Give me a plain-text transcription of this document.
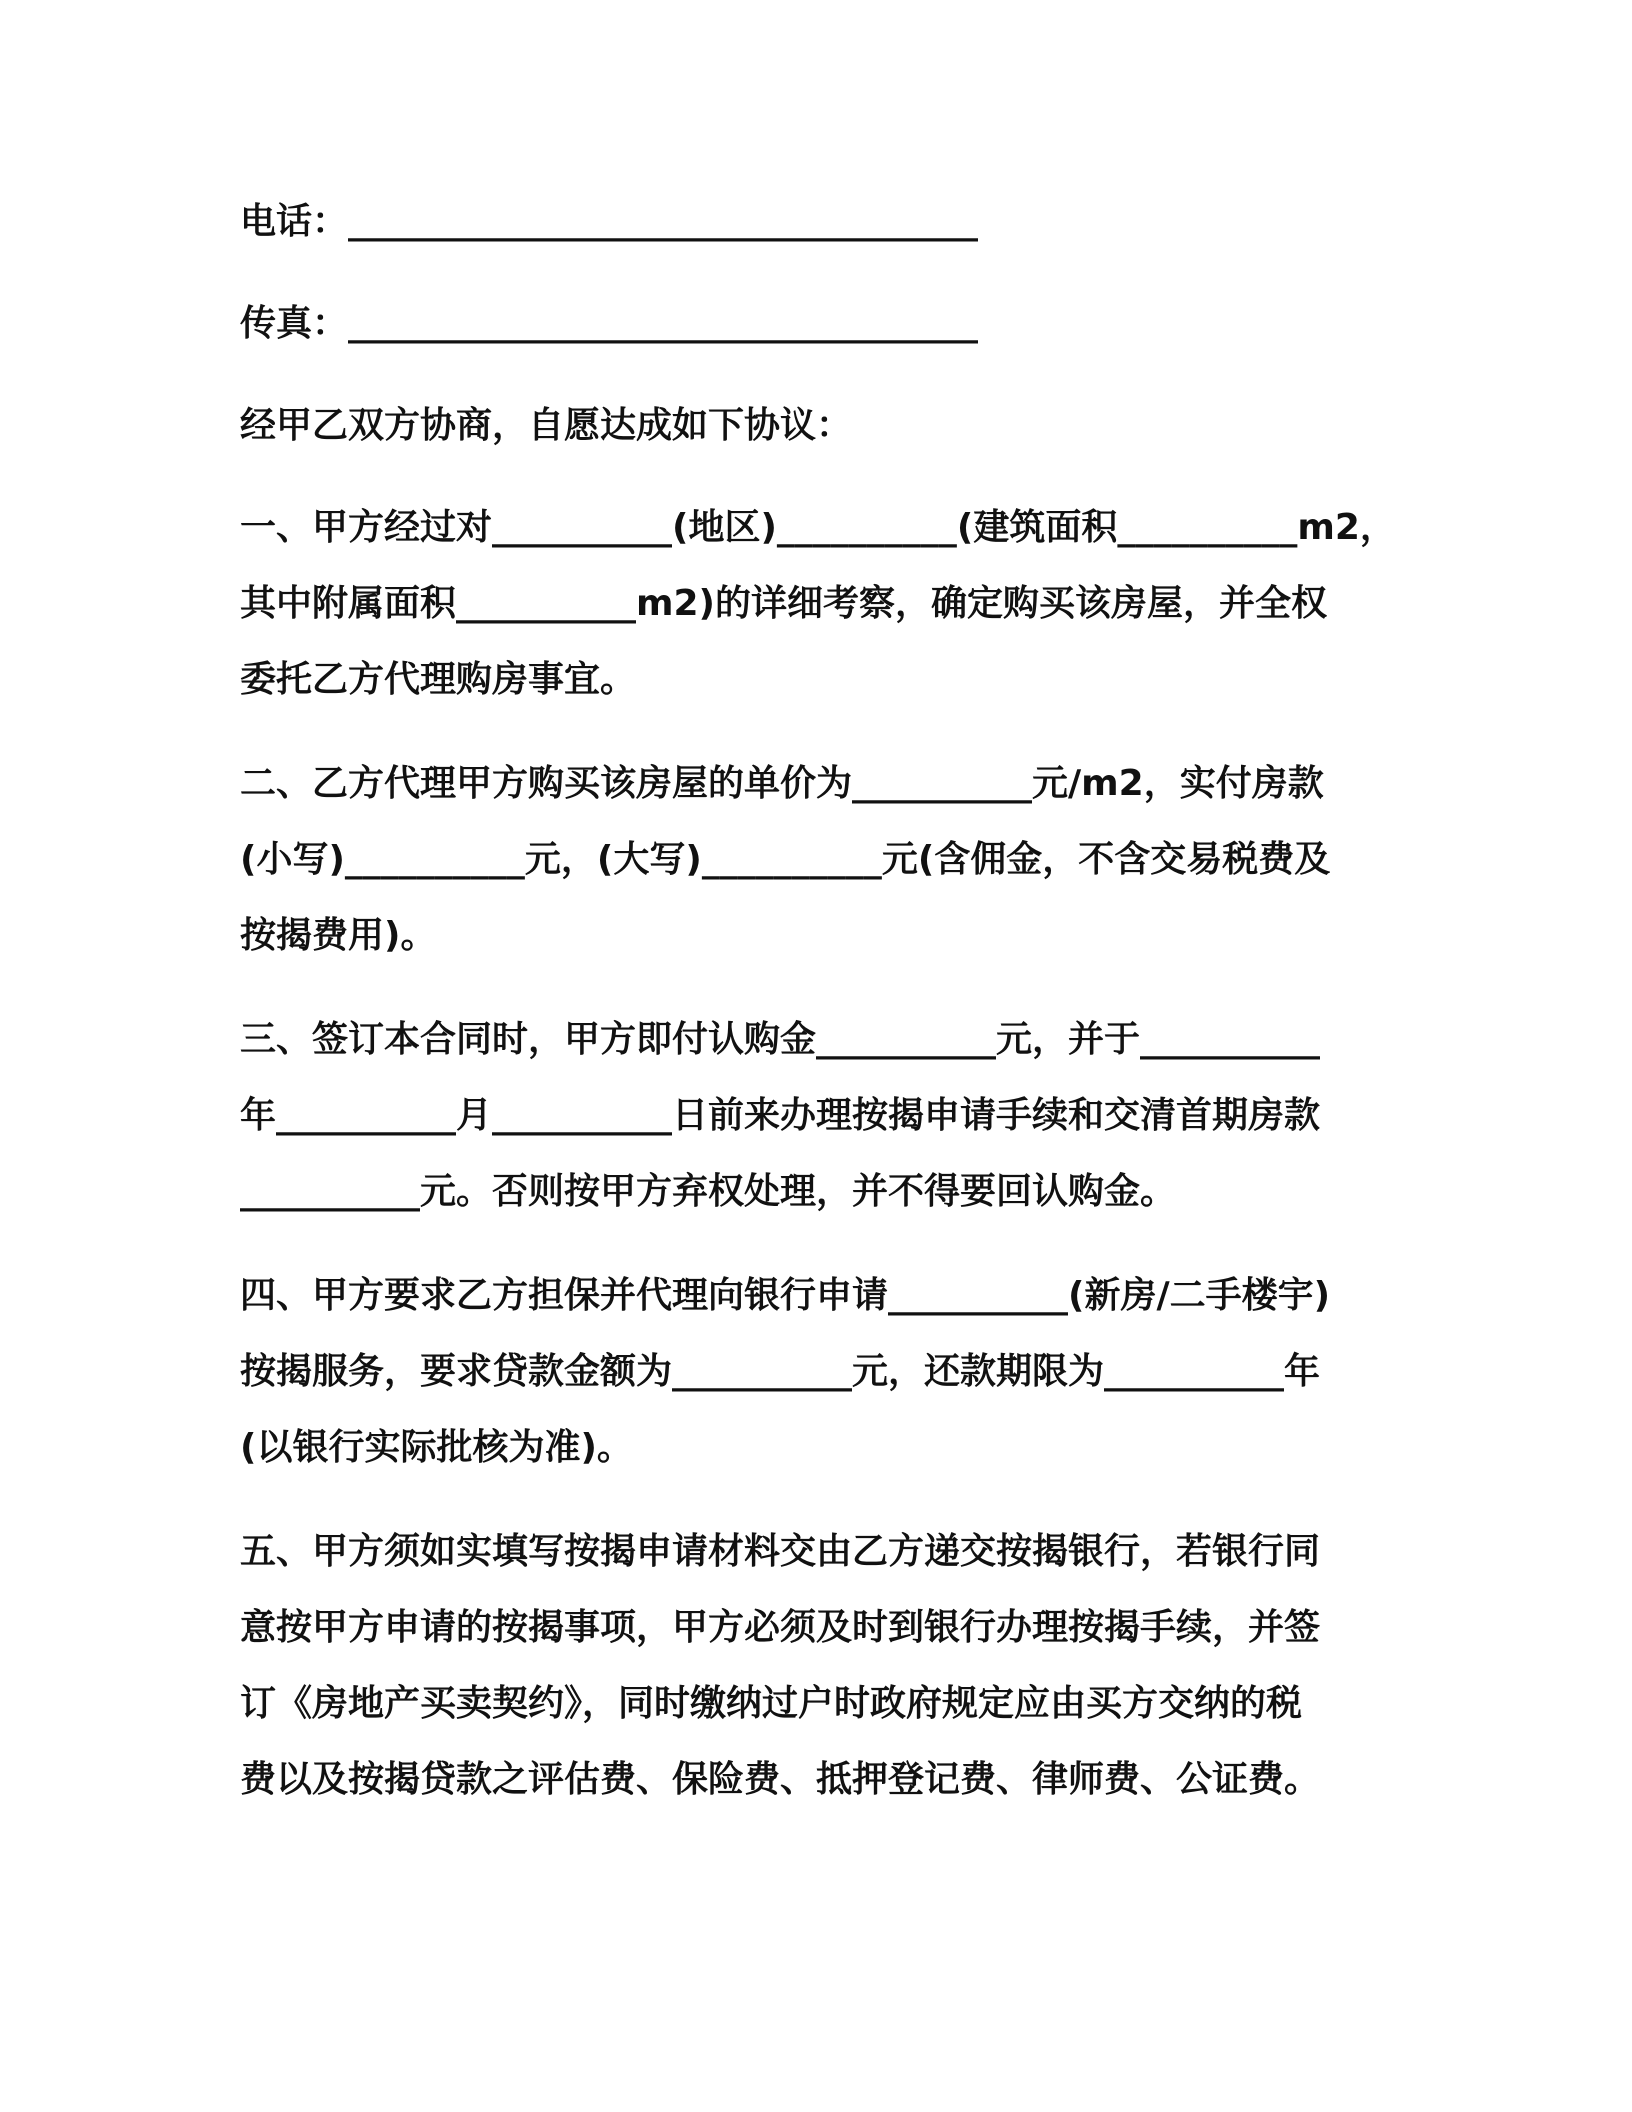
电话：___________________________________
传真：___________________________________
经甲乙双方协商，自愿达成如下协议：
一、甲方经过对__________(地区)__________(建筑面积__________m2，
其中附属面积__________m2)的详细考察，确定购买该房屋，并全权
委托乙方代理购房事宜。
二、乙方代理甲方购买该房屋的单价为__________元/m2，实付房款
(小写)__________元，(大写)__________元(含佣金，不含交易税费及
按揭费用)。
三、签订本合同时，甲方即付认购金__________元，并于__________
年__________月__________日前来办理按揭申请手续和交清首期房款
__________元。否则按甲方弃权处理，并不得要回认购金。
四、甲方要求乙方担保并代理向银行申请__________(新房/二手楼宇)
按揭服务，要求贷款金额为__________元，还款期限为__________年
(以银行实际批核为准)。
五、甲方须如实填写按揭申请材料交由乙方递交按揭银行，若银行同
意按甲方申请的按揭事项，甲方必须及时到银行办理按揭手续，并签
订《房地产买卖契约》，同时缴纳过户时政府规定应由买方交纳的税
费以及按揭贷款之评估费、保险费、抵押登记费、律师费、公证费。
